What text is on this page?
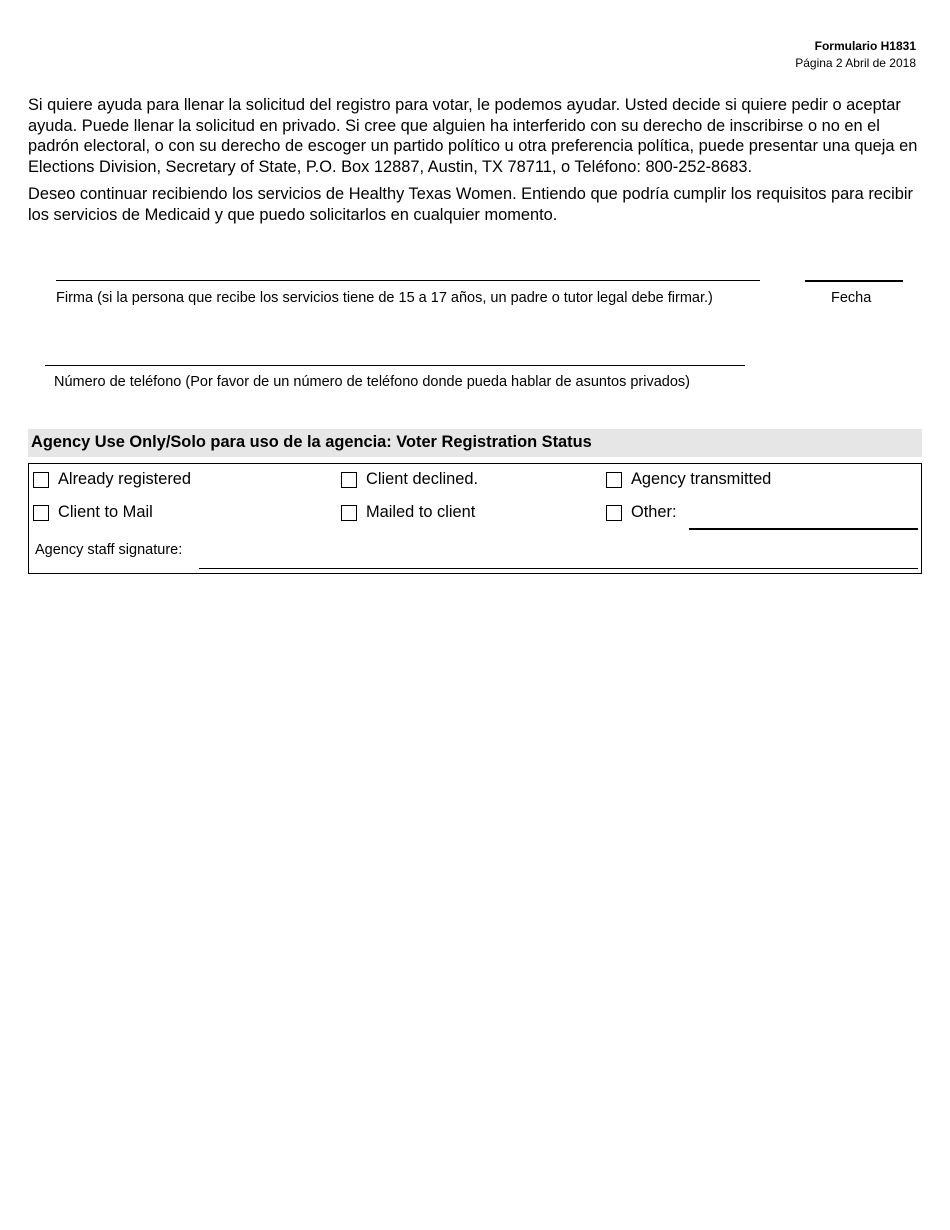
Formulario H1831
Página 2 Abril de 2018

Si quiere ayuda para llenar la solicitud del registro para votar, le podemos ayudar. Usted decide si quiere pedir o aceptar ayuda. Puede llenar la solicitud en privado. Si cree que alguien ha interferido con su derecho de inscribirse o no en el padrón electoral, o con su derecho de escoger un partido político u otra preferencia política, puede presentar una queja en Elections Division, Secretary of State, P.O. Box 12887, Austin, TX 78711, o Teléfono: 800-252-8683.

Deseo continuar recibiendo los servicios de Healthy Texas Women. Entiendo que podría cumplir los requisitos para recibir los servicios de Medicaid y que puedo solicitarlos en cualquier momento.

Firma (si la persona que recibe los servicios tiene de 15 a 17 años, un padre o tutor legal debe firmar.)	Fecha
Número de teléfono (Por favor de un número de teléfono donde pueda hablar de asuntos privados)
Agency Use Only/Solo para uso de la agencia: Voter Registration Status
Already registered	Client declined.	Agency transmitted
Client to Mail	Mailed to client	Other:
Agency staff signature:
